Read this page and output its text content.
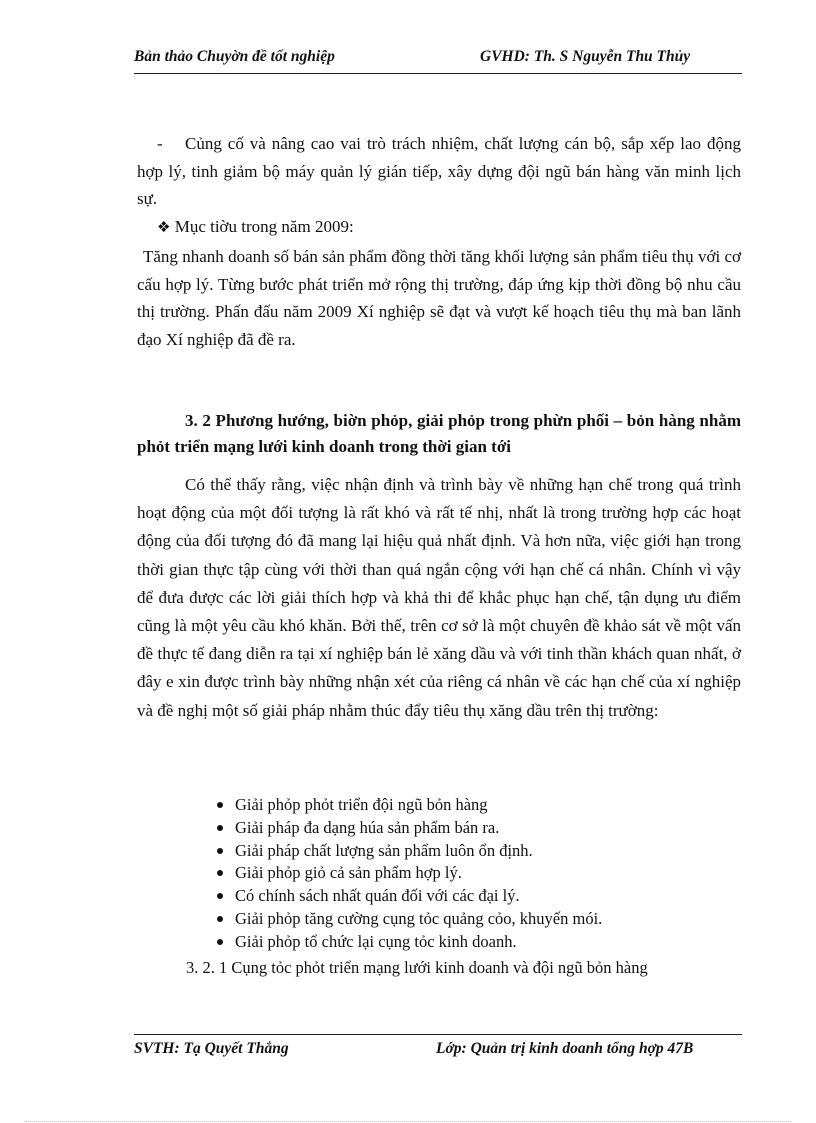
Bản thảo Chuyờn đề tốt nghiệp	GVHD: Th. S Nguyễn Thu Thủy

- Củng cố và nâng cao vai trò trách nhiệm, chất lượng cán bộ, sắp xếp lao động hợp lý, tinh giảm bộ máy quản lý gián tiếp, xây dựng đội ngũ bán hàng văn minh lịch sự.

❖ Mục tiờu trong năm 2009:

Tăng nhanh doanh số bán sản phẩm đồng thời tăng khối lượng sản phẩm tiêu thụ với cơ cấu hợp lý. Từng bước phát triển mở rộng thị trường, đáp ứng kịp thời đồng bộ nhu cầu thị trường. Phấn đấu năm 2009 Xí nghiệp sẽ đạt và vượt kế hoạch tiêu thụ mà ban lãnh đạo Xí nghiệp đã đề ra.

3. 2 Phương hướng, biờn phỏp, giải phỏp trong phừn phối – bỏn hàng nhằm phỏt triển mạng lưới kinh doanh trong thời gian tới

Có thể thấy rằng, việc nhận định và trình bày về những hạn chế trong quá trình hoạt động của một đối tượng là rất khó và rất tế nhị, nhất là trong trường hợp các hoạt động của đối tượng đó đã mang lại hiệu quả nhất định. Và hơn nữa, việc giới hạn trong thời gian thực tập cùng với thời than quá ngắn cộng với hạn chế cá nhân. Chính vì vậy để đưa được các lời giải thích hợp và khả thi để khắc phục hạn chế, tận dụng ưu điểm cũng là một yêu cầu khó khăn. Bởi thế, trên cơ sở là một chuyên đề khảo sát về một vấn đề thực tế đang diễn ra tại xí nghiệp bán lẻ xăng dầu và với tinh thần khách quan nhất, ở đây e xin được trình bày những nhận xét của riêng cá nhân về các hạn chế của xí nghiệp và đề nghị một số giải pháp nhằm thúc đẩy tiêu thụ xăng dầu trên thị trường:

Giải phỏp phỏt triển đội ngũ bỏn hàng
Giải pháp đa dạng húa sản phẩm bán ra.
Giải pháp chất lượng sản phẩm luôn ổn định.
Giải phỏp giỏ cả sản phẩm hợp lý.
Có chính sách nhất quán đối với các đại lý.
Giải phỏp tăng cường cụng tỏc quảng cỏo, khuyến mói.
Giải phỏp tổ chức lại cụng tỏc kinh doanh.
3. 2. 1 Cụng tỏc phỏt triển mạng lưới kinh doanh và đội ngũ bỏn hàng
SVTH: Tạ Quyết Thắng	Lớp: Quản trị kinh doanh tổng hợp 47B
